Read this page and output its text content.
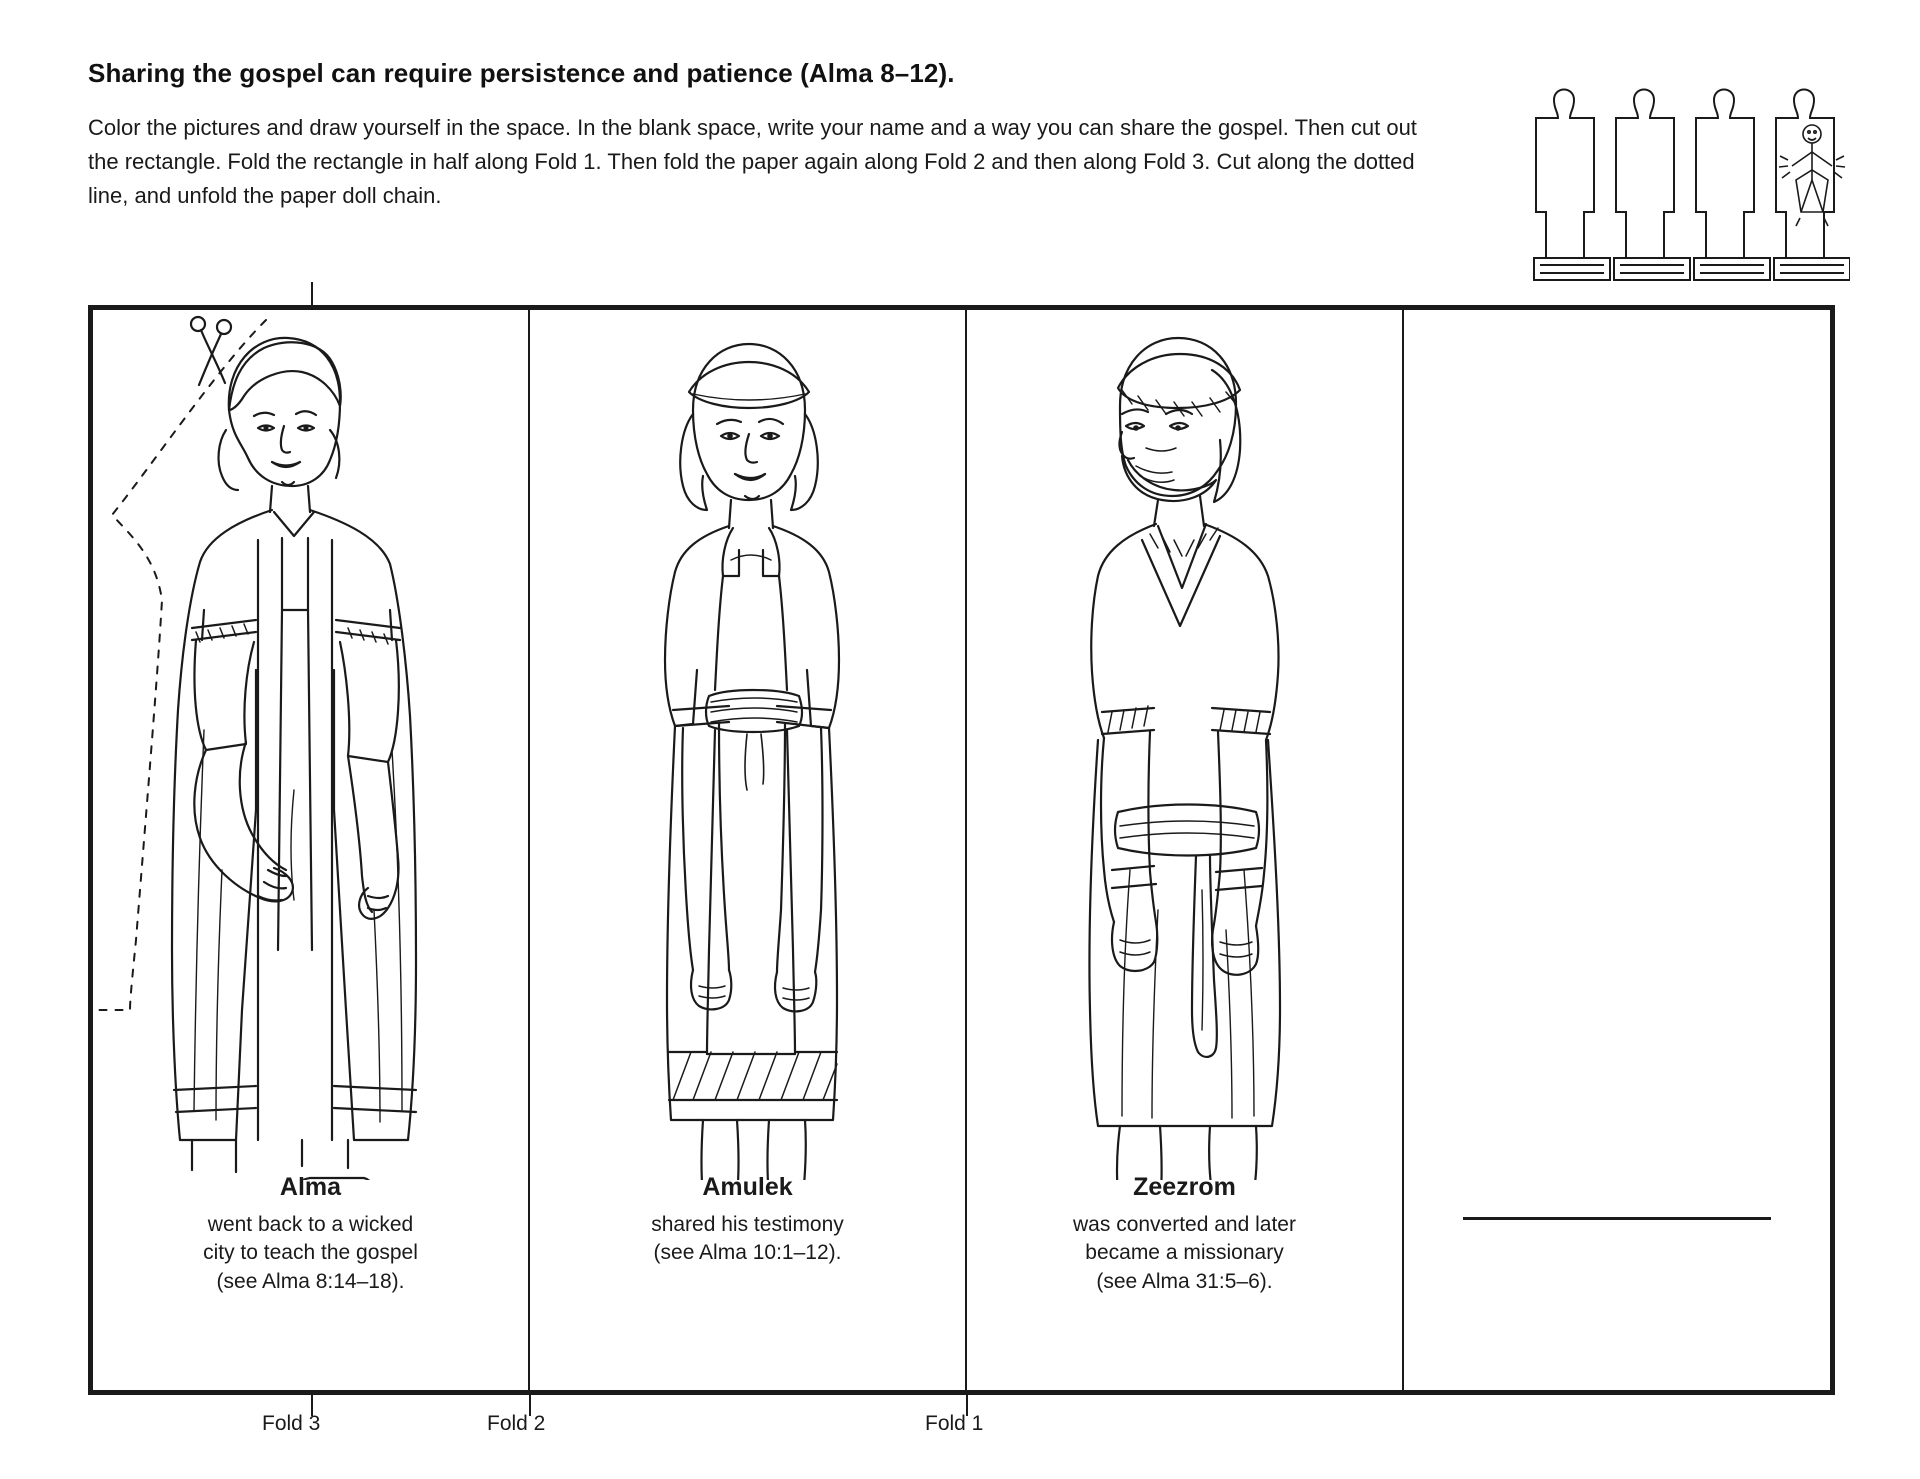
Sharing the gospel can require persistence and patience (Alma 8–12).

Color the pictures and draw yourself in the space. In the blank space, write your name and a way you can share the gospel. Then cut out the rectangle. Fold the rectangle in half along Fold 1. Then fold the paper again along Fold 2 and then along Fold 3. Cut along the dotted line, and unfold the paper doll chain.

Alma
went back to a wicked
city to teach the gospel
(see Alma 8:14–18).
Amulek
shared his testimony
(see Alma 10:1–12).
Zeezrom
was converted and later
became a missionary
(see Alma 31:5–6).
Fold 3	Fold 2	Fold 1
